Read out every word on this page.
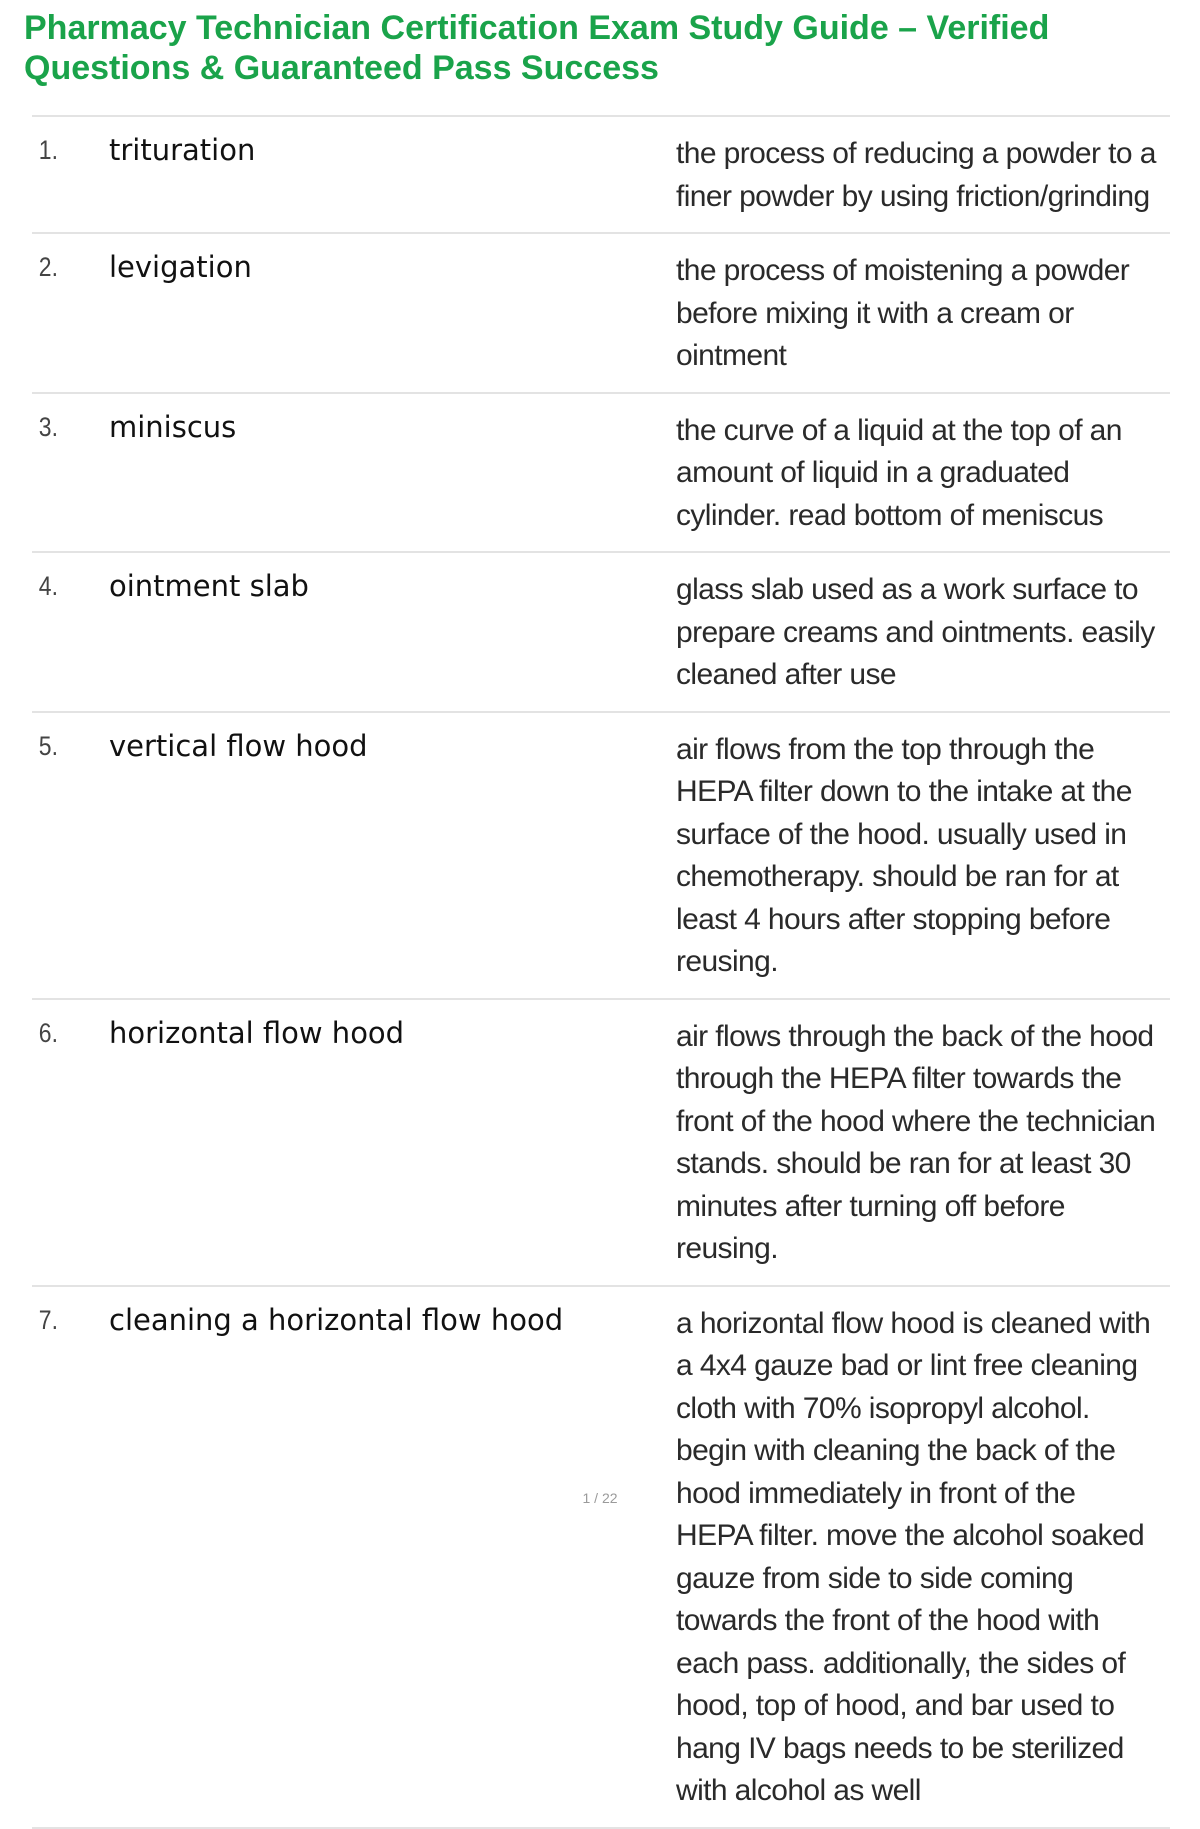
Pharmacy Technician Certification Exam Study Guide – Verified Questions & Guaranteed Pass Success
1.	trituration	the process of reducing a powder to a finer powder by using friction/grinding
2.	levigation	the process of moistening a powder before mixing it with a cream or ointment
3.	miniscus	the curve of a liquid at the top of an amount of liquid in a graduated cylinder. read bottom of meniscus
4.	ointment slab	glass slab used as a work surface to prepare creams and ointments. easily cleaned after use
5.	vertical flow hood	air flows from the top through the HEPA filter down to the intake at the surface of the hood. usually used in chemotherapy. should be ran for at least 4 hours after stopping before reusing.
6.	horizontal flow hood	air flows through the back of the hood through the HEPA filter towards the front of the hood where the technician stands. should be ran for at least 30 minutes after turning off before reusing.
7.	cleaning a horizontal flow hood	a horizontal flow hood is cleaned with a 4x4 gauze bad or lint free cleaning cloth with 70% isopropyl alcohol. begin with cleaning the back of the hood immediately in front of the HEPA filter. move the alcohol soaked gauze from side to side coming towards the front of the hood with each pass. additionally, the sides of hood, top of hood, and bar used to hang IV bags needs to be sterilized with alcohol as well
1 / 22
